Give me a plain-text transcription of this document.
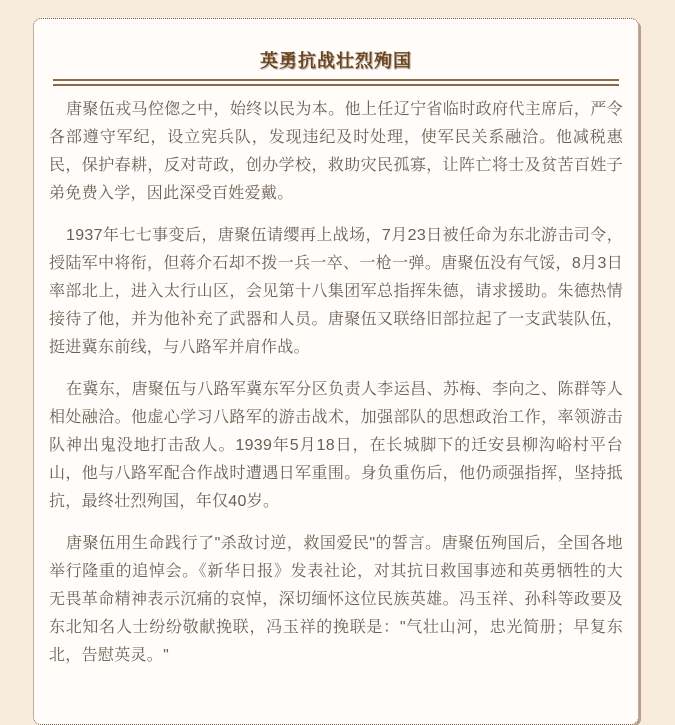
英勇抗战壮烈殉国

唐聚伍戎马倥偬之中，始终以民为本。他上任辽宁省临时政府代主席后，严令各部遵守军纪，设立宪兵队，发现违纪及时处理，使军民关系融洽。他减税惠民，保护春耕，反对苛政，创办学校，救助灾民孤寡，让阵亡将士及贫苦百姓子弟免费入学，因此深受百姓爱戴。

1937年七七事变后，唐聚伍请缨再上战场，7月23日被任命为东北游击司令，授陆军中将衔，但蒋介石却不拨一兵一卒、一枪一弹。唐聚伍没有气馁，8月3日率部北上，进入太行山区，会见第十八集团军总指挥朱德，请求援助。朱德热情接待了他，并为他补充了武器和人员。唐聚伍又联络旧部拉起了一支武装队伍，挺进冀东前线，与八路军并肩作战。

在冀东，唐聚伍与八路军冀东军分区负责人李运昌、苏梅、李向之、陈群等人相处融洽。他虚心学习八路军的游击战术，加强部队的思想政治工作，率领游击队神出鬼没地打击敌人。1939年5月18日，在长城脚下的迁安县柳沟峪村平台山，他与八路军配合作战时遭遇日军重围。身负重伤后，他仍顽强指挥，坚持抵抗，最终壮烈殉国，年仅40岁。

唐聚伍用生命践行了"杀敌讨逆，救国爱民"的誓言。唐聚伍殉国后，全国各地举行隆重的追悼会。《新华日报》发表社论，对其抗日救国事迹和英勇牺牲的大无畏革命精神表示沉痛的哀悼，深切缅怀这位民族英雄。冯玉祥、孙科等政要及东北知名人士纷纷敬献挽联，冯玉祥的挽联是："气壮山河，忠光简册；早复东北，告慰英灵。"
